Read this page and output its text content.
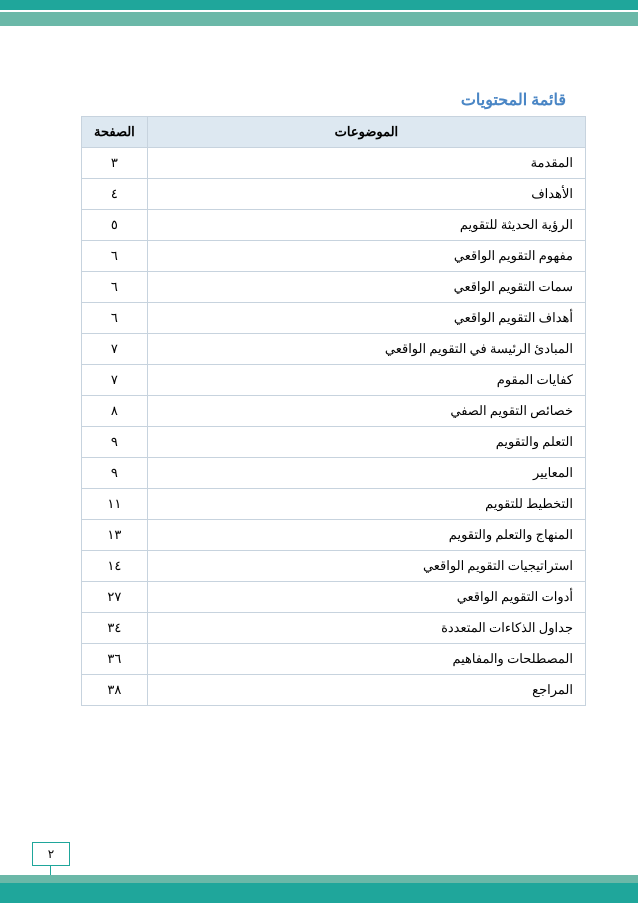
قائمة المحتويات
الموضوعات	الصفحة
المقدمة	٣
الأهداف	٤
الرؤية الحديثة للتقويم	٥
مفهوم التقويم الواقعي	٦
سمات التقويم الواقعي	٦
أهداف التقويم الواقعي	٦
المبادئ الرئيسة في التقويم الواقعي	٧
كفايات المقوم	٧
خصائص التقويم الصفي	٨
التعلم والتقويم	٩
المعايير	٩
التخطيط للتقويم	١١
المنهاج والتعلم والتقويم	١٣
استراتيجيات التقويم الواقعي	١٤
أدوات التقويم الواقعي	٢٧
جداول الذكاءات المتعددة	٣٤
المصطلحات والمفاهيم	٣٦
المراجع	٣٨
٢
